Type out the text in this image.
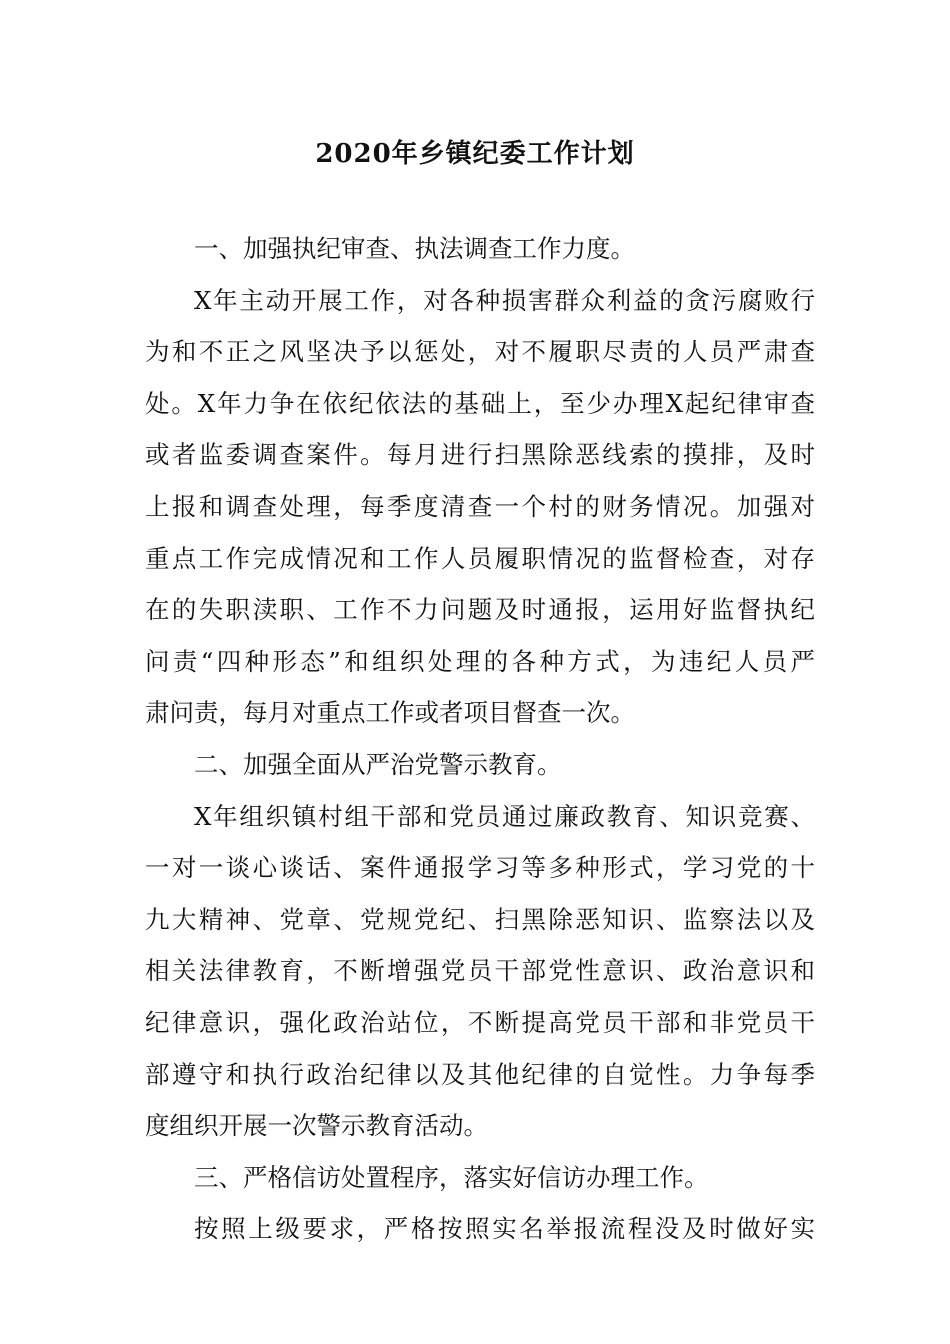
2020年乡镇纪委工作计划
一、加强执纪审查、执法调查工作力度。
X年主动开展工作，对各种损害群众利益的贪污腐败行
为和不正之风坚决予以惩处，对不履职尽责的人员严肃查
处。X年力争在依纪依法的基础上，至少办理X起纪律审查
或者监委调查案件。每月进行扫黑除恶线索的摸排，及时
上报和调查处理，每季度清查一个村的财务情况。加强对
重点工作完成情况和工作人员履职情况的监督检查，对存
在的失职渎职、工作不力问题及时通报，运用好监督执纪
问责“四种形态”和组织处理的各种方式，为违纪人员严
肃问责，每月对重点工作或者项目督查一次。
二、加强全面从严治党警示教育。
X年组织镇村组干部和党员通过廉政教育、知识竞赛、
一对一谈心谈话、案件通报学习等多种形式，学习党的十
九大精神、党章、党规党纪、扫黑除恶知识、监察法以及
相关法律教育，不断增强党员干部党性意识、政治意识和
纪律意识，强化政治站位，不断提高党员干部和非党员干
部遵守和执行政治纪律以及其他纪律的自觉性。力争每季
度组织开展一次警示教育活动。
三、严格信访处置程序，落实好信访办理工作。
按照上级要求，严格按照实名举报流程没及时做好实
